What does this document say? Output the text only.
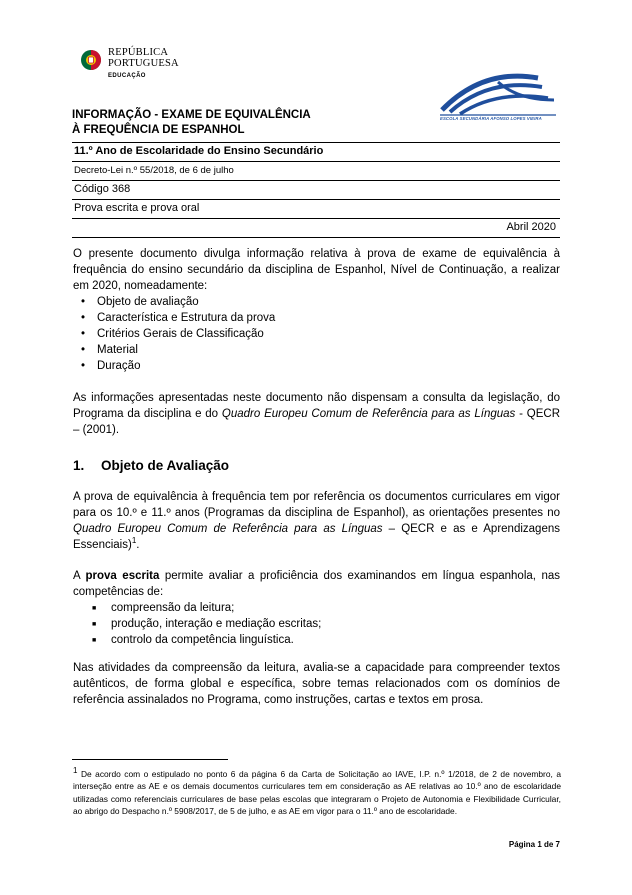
REPÚBLICA
PORTUGUESA
EDUCAÇÃO
ESCOLA SECUNDÁRIA AFONSO LOPES VIEIRA
INFORMAÇÃO - EXAME DE EQUIVALÊNCIA
À FREQUÊNCIA DE ESPANHOL
11.º Ano de Escolaridade do Ensino Secundário
Decreto-Lei n.º 55/2018, de 6 de julho
Código 368
Prova escrita e prova oral
Abril 2020

O presente documento divulga informação relativa à prova de exame de equivalência à frequência do ensino secundário da disciplina de Espanhol, Nível de Continuação, a realizar em 2020, nomeadamente:

• Objeto de avaliação
• Característica e Estrutura da prova
• Critérios Gerais de Classificação
• Material
• Duração

As informações apresentadas neste documento não dispensam a consulta da legislação, do Programa da disciplina e do Quadro Europeu Comum de Referência para as Línguas - QECR – (2001).

1. Objeto de Avaliação

A prova de equivalência à frequência tem por referência os documentos curriculares em vigor para os 10.º e 11.º anos (Programas da disciplina de Espanhol), as orientações presentes no Quadro Europeu Comum de Referência para as Línguas – QECR e as e Aprendizagens Essenciais)$^1$.

A prova escrita permite avaliar a proficiência dos examinandos em língua espanhola, nas competências de:

■ compreensão da leitura;
■ produção, interação e mediação escritas;
■ controlo da competência linguística.

Nas atividades da compreensão da leitura, avalia-se a capacidade para compreender textos autênticos, de forma global e específica, sobre temas relacionados com os domínios de referência assinalados no Programa, como instruções, cartas e textos em prosa.

$^1$ De acordo com o estipulado no ponto 6 da página 6 da Carta de Solicitação ao IAVE, I.P. n.º 1/2018, de 2 de novembro, a interseção entre as AE e os demais documentos curriculares tem em consideração as AE relativas ao 10.º ano de escolaridade utilizadas como referenciais curriculares de base pelas escolas que integraram o Projeto de Autonomia e Flexibilidade Curricular, ao abrigo do Despacho n.º 5908/2017, de 5 de julho, e as AE em vigor para o 11.º ano de escolaridade.
Página 1 de 7
